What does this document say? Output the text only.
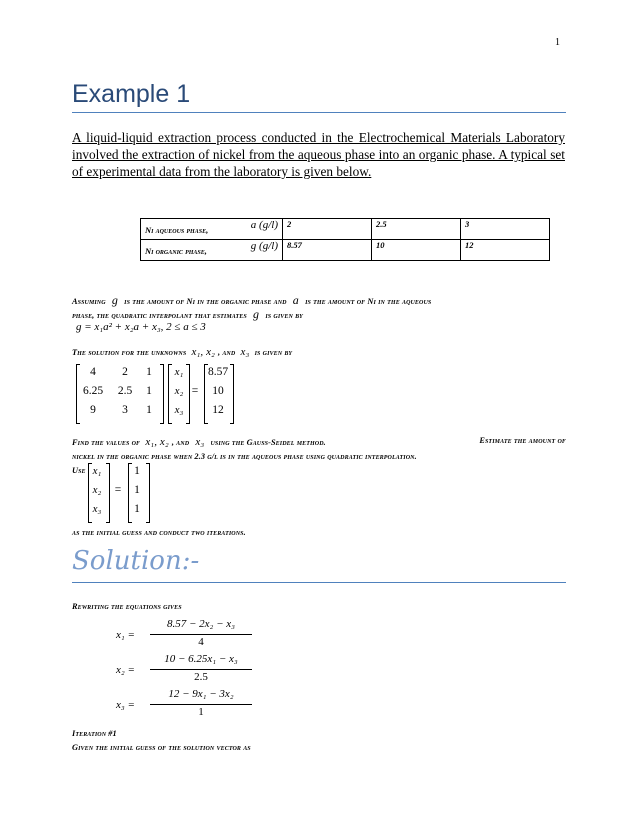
1
Example 1
A liquid-liquid extraction process conducted in the Electrochemical Materials Laboratory involved the extraction of nickel from the aqueous phase into an organic phase. A typical set of experimental data from the laboratory is given below.
Ni aqueous phase, a (g/l)	2	2.5	3
Ni organic phase, g (g/l)	8.57	10	12
Assuming g is the amount of Ni in the organic phase and a is the amount of Ni in the aqueous
phase, the quadratic interpolant that estimates g is given by
g = x₁a² + x₂a + x₃, 2 ≤ a ≤ 3
The solution for the unknowns x₁, x₂ , and x₃ is given by
4	2	1
6.25	2.5	1
9	3	1
x₁
x₂
x₃
=
8.57
10
12
Find the values of x₁, x₂ , and x₃ using the Gauss-Seidel method.	Estimate the amount of
nickel in the organic phase when 2.3 g/l is in the aqueous phase using quadratic interpolation.
Use x₁
x₂
x₃
=
1
1
1
as the initial guess and conduct two iterations.
Solution:-
Rewriting the equations gives
x₁ =
8.57 − 2x₂ − x₃
4
x₂ =
10 − 6.25x₁ − x₃
2.5
x₃ =
12 − 9x₁ − 3x₂
1
Iteration #1
Given the initial guess of the solution vector as
